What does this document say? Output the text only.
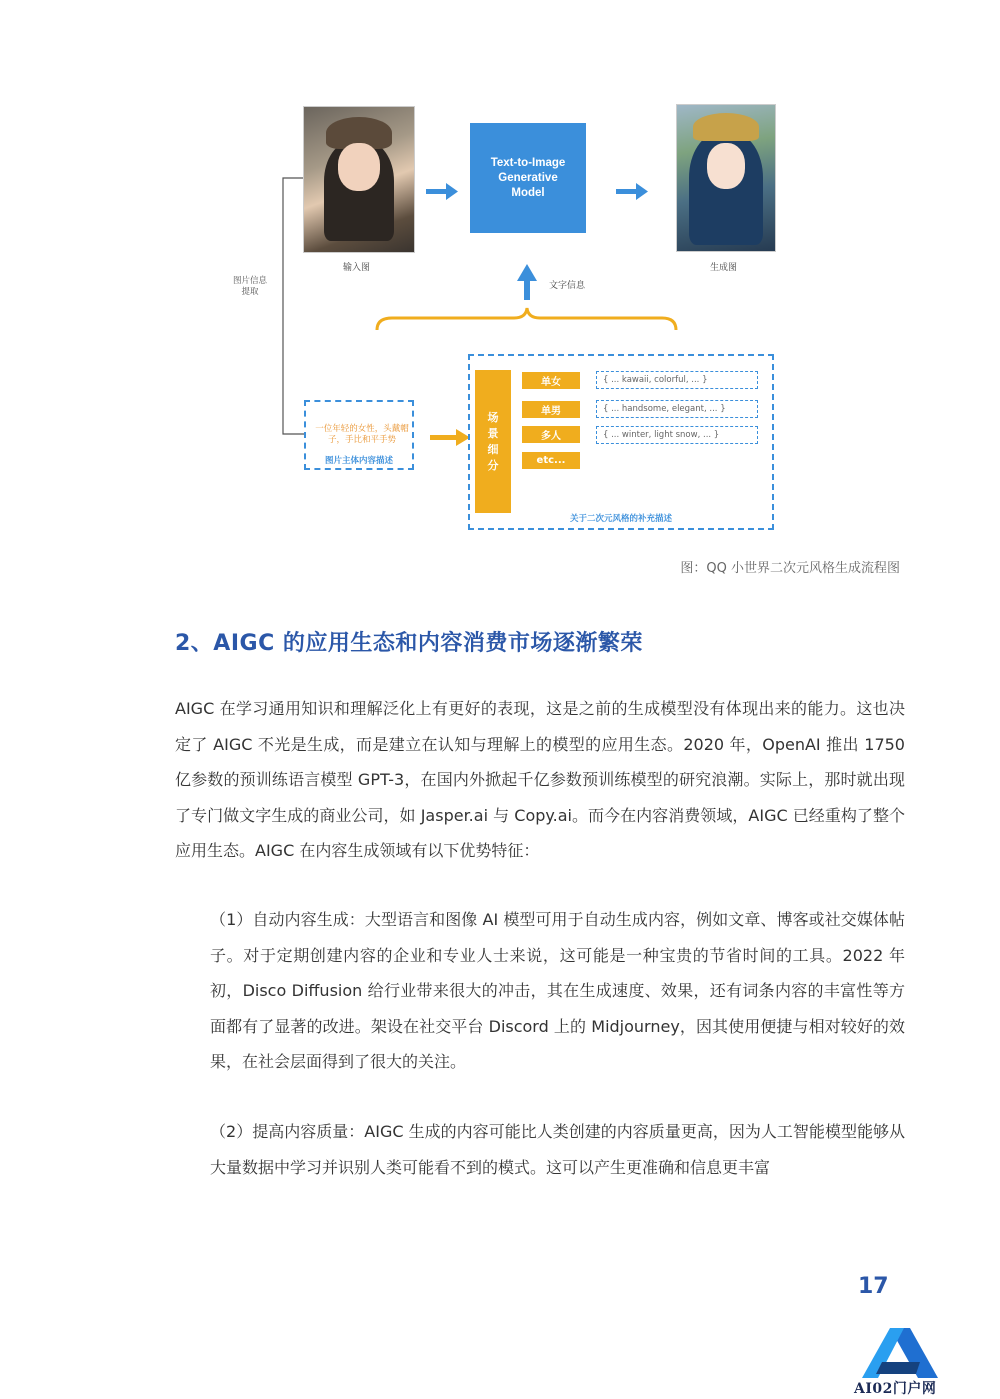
输入图
Text-to-Image
Generative
Model
生成图
图片信息
提取
文字信息
一位年轻的女性，头戴帽子，手比和平手势
图片主体内容描述
场景细分
单女
单男
多人
etc...
{ ... kawaii, colorful, ... }
{ ... handsome, elegant, ... }
{ ... winter, light snow, ... }
关于二次元风格的补充描述
图：QQ 小世界二次元风格生成流程图
2、AIGC 的应用生态和内容消费市场逐渐繁荣

AIGC 在学习通用知识和理解泛化上有更好的表现，这是之前的生成模型没有体现出来的能力。这也决定了 AIGC 不光是生成，而是建立在认知与理解上的模型的应用生态。2020 年，OpenAI 推出 1750 亿参数的预训练语言模型 GPT-3，在国内外掀起千亿参数预训练模型的研究浪潮。实际上，那时就出现了专门做文字生成的商业公司，如 Jasper.ai 与 Copy.ai。而今在内容消费领域，AIGC 已经重构了整个应用生态。AIGC 在内容生成领域有以下优势特征：

（1）自动内容生成：大型语言和图像 AI 模型可用于自动生成内容，例如文章、博客或社交媒体帖子。对于定期创建内容的企业和专业人士来说，这可能是一种宝贵的节省时间的工具。2022 年初，Disco Diffusion 给行业带来很大的冲击，其在生成速度、效果，还有词条内容的丰富性等方面都有了显著的改进。架设在社交平台 Discord 上的 Midjourney，因其使用便捷与相对较好的效果，在社会层面得到了很大的关注。

（2）提高内容质量：AIGC 生成的内容可能比人类创建的内容质量更高，因为人工智能模型能够从大量数据中学习并识别人类可能看不到的模式。这可以产生更准确和信息更丰富

17
AI02门户网
